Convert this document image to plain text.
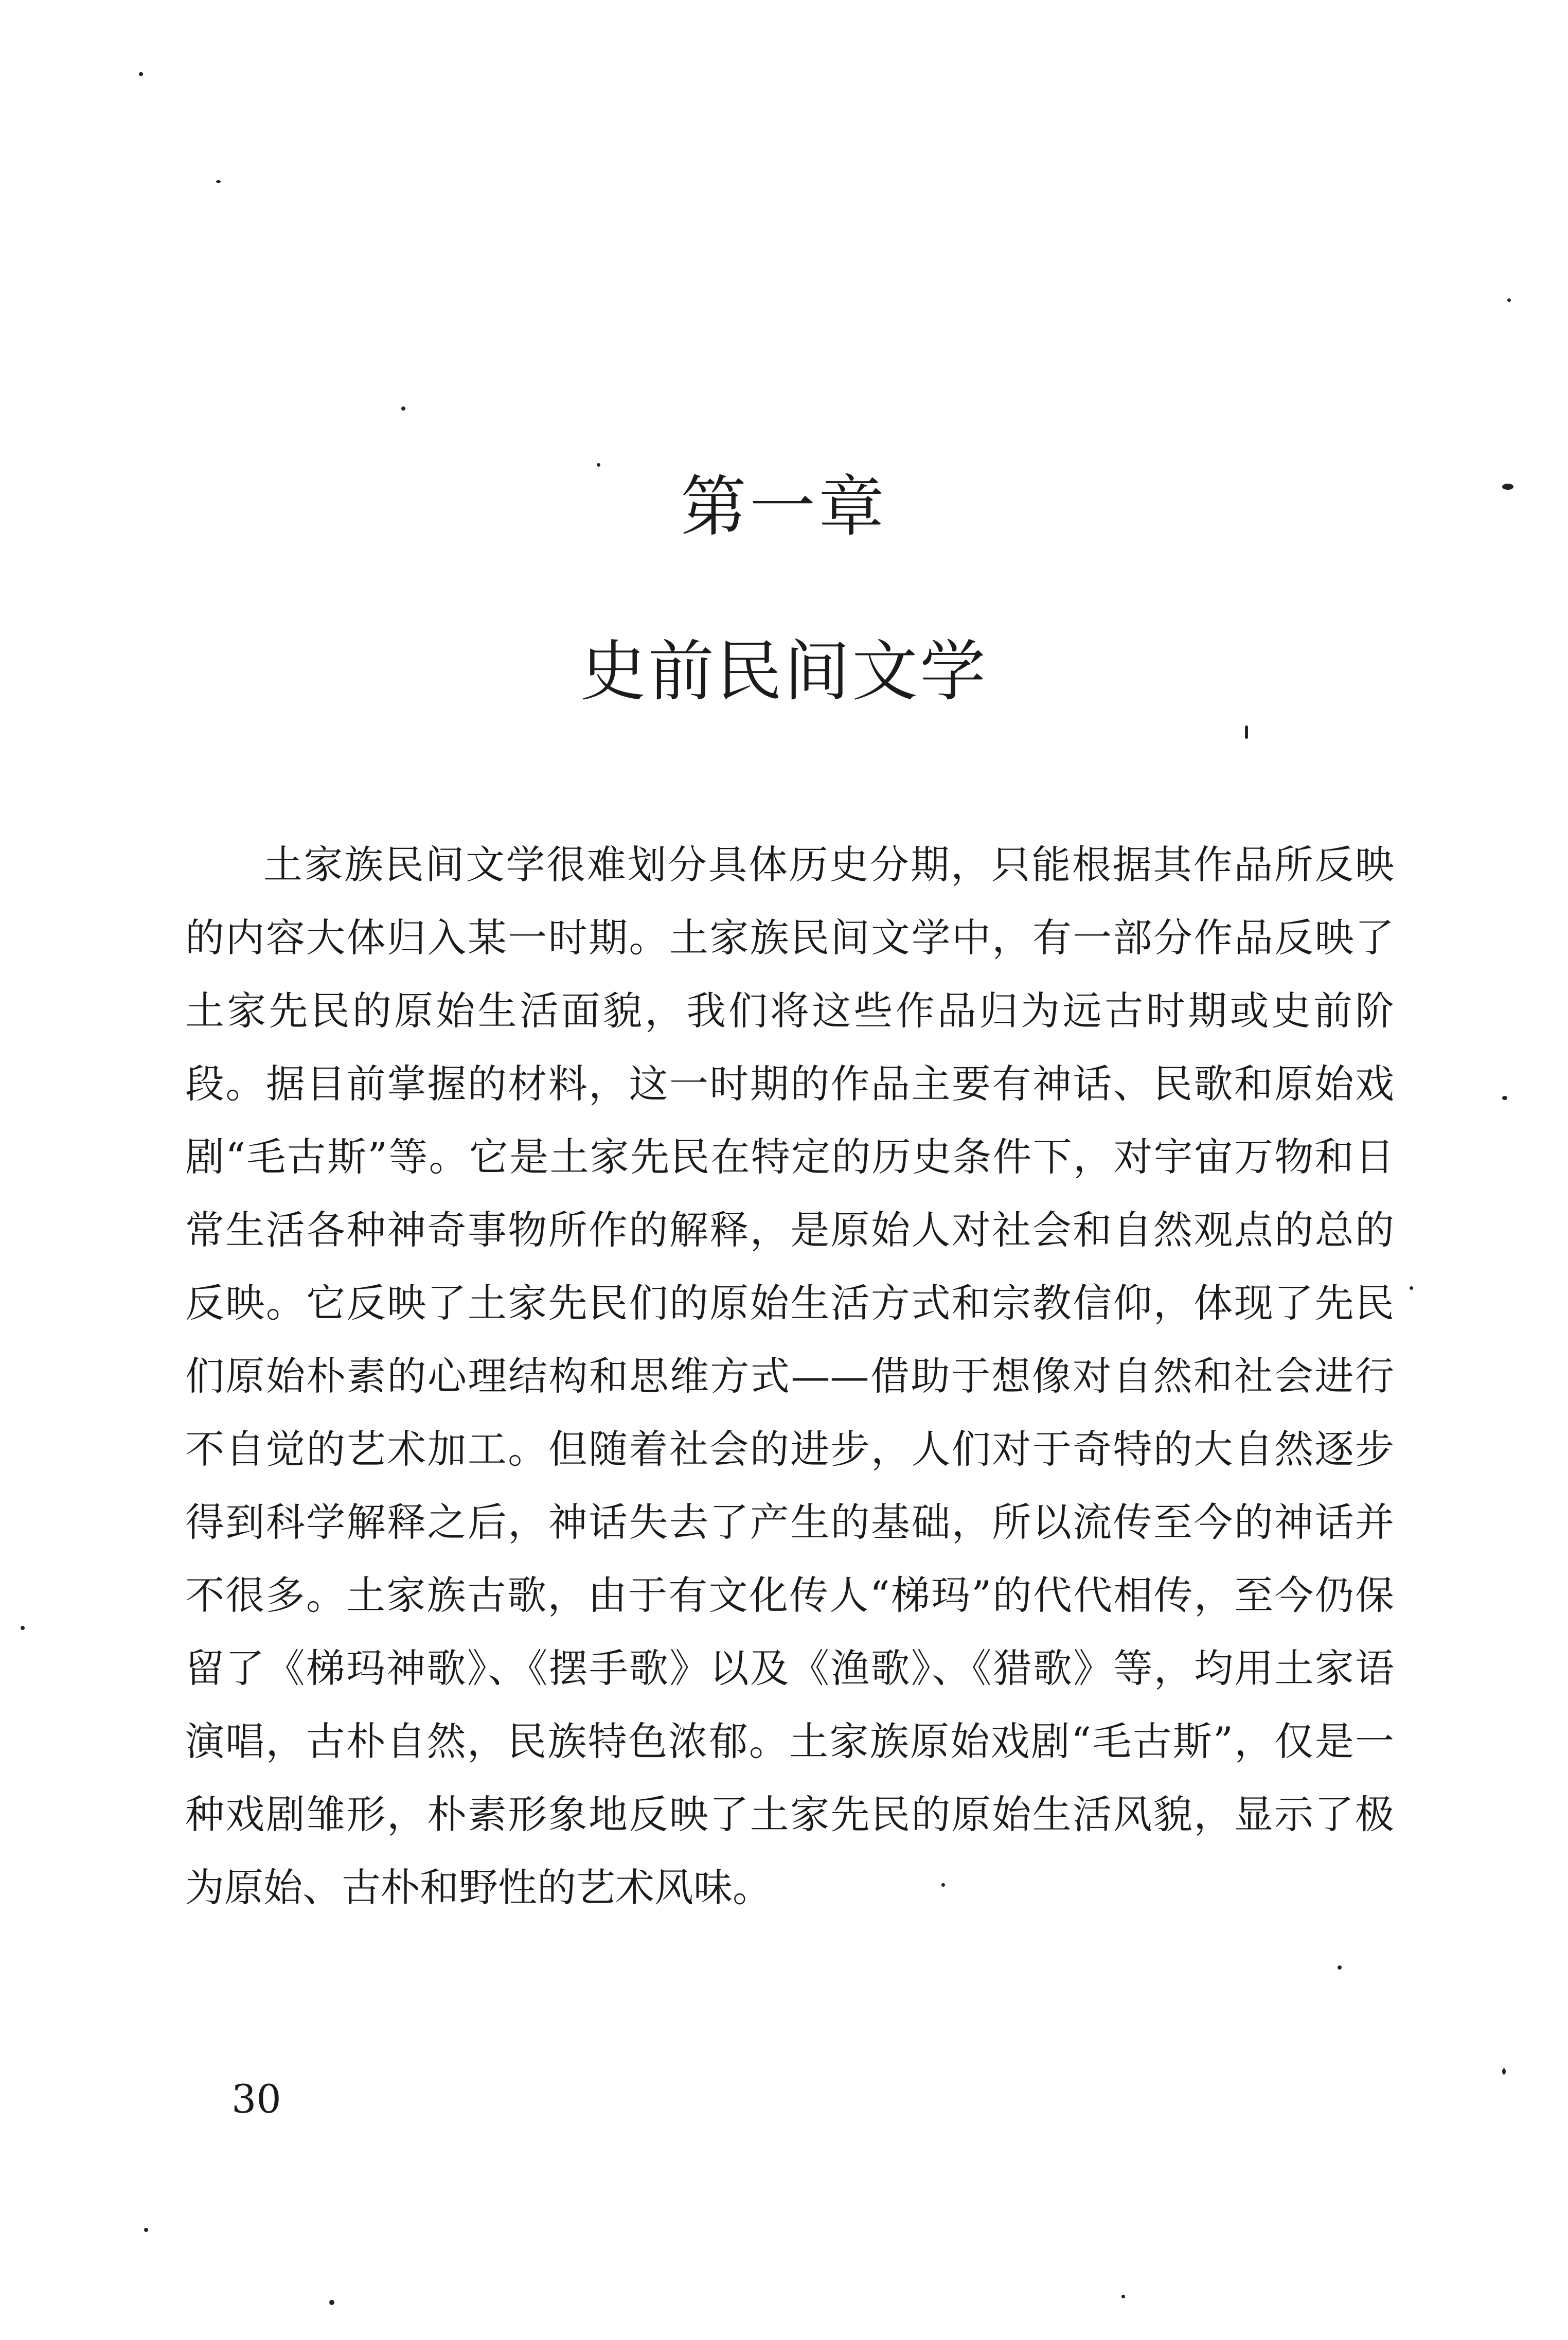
第一章
史前民间文学

土家族民间文学很难划分具体历史分期，只能根据其作品所反映的内容大体归入某一时期。土家族民间文学中，有一部分作品反映了土家先民的原始生活面貌，我们将这些作品归为远古时期或史前阶段。据目前掌握的材料，这一时期的作品主要有神话、民歌和原始戏剧“毛古斯”等。它是土家先民在特定的历史条件下，对宇宙万物和日常生活各种神奇事物所作的解释，是原始人对社会和自然观点的总的反映。它反映了土家先民们的原始生活方式和宗教信仰，体现了先民们原始朴素的心理结构和思维方式——借助于想像对自然和社会进行不自觉的艺术加工。但随着社会的进步，人们对于奇特的大自然逐步得到科学解释之后，神话失去了产生的基础，所以流传至今的神话并不很多。土家族古歌，由于有文化传人“梯玛”的代代相传，至今仍保留了《梯玛神歌》、《摆手歌》以及《渔歌》、《猎歌》等，均用土家语演唱，古朴自然，民族特色浓郁。土家族原始戏剧“毛古斯”，仅是一种戏剧雏形，朴素形象地反映了土家先民的原始生活风貌，显示了极为原始、古朴和野性的艺术风味。

30
